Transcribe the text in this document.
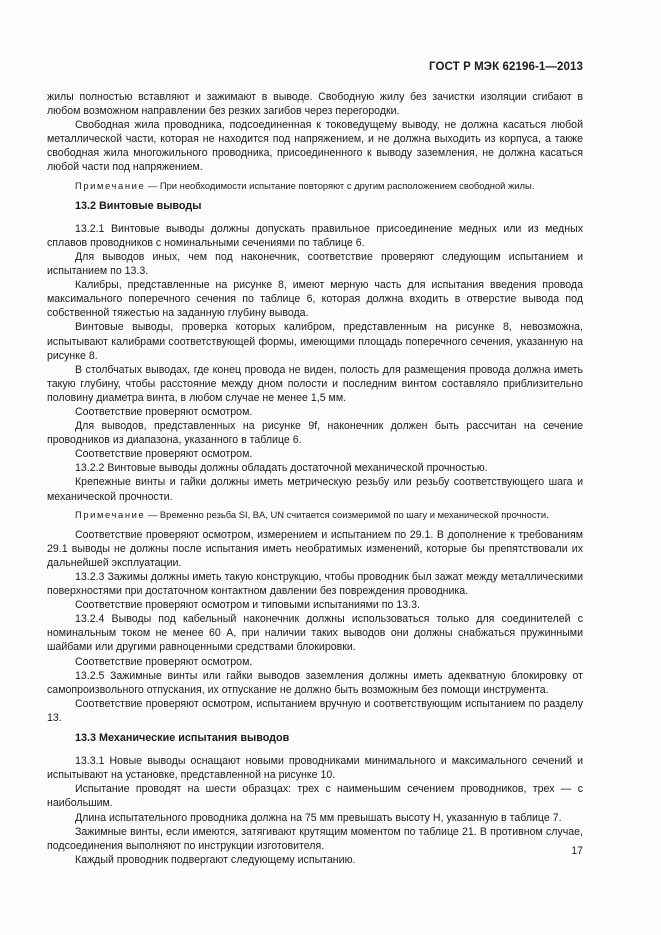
ГОСТ Р МЭК 62196-1—2013

жилы полностью вставляют и зажимают в выводе. Свободную жилу без зачистки изоляции сгибают в любом возможном направлении без резких загибов через перегородки.

Свободная жила проводника, подсоединенная к токоведущему выводу, не должна касаться любой металлической части, которая не находится под напряжением, и не должна выходить из корпуса, а также свободная жила многожильного проводника, присоединенного к выводу заземления, не должна касаться любой части под напряжением.

Примечание — При необходимости испытание повторяют с другим расположением свободной жилы.

13.2 Винтовые выводы

13.2.1 Винтовые выводы должны допускать правильное присоединение медных или из медных сплавов проводников с номинальными сечениями по таблице 6.

Для выводов иных, чем под наконечник, соответствие проверяют следующим испытанием и испытанием по 13.3.

Калибры, представленные на рисунке 8, имеют мерную часть для испытания введения провода максимального поперечного сечения по таблице 6, которая должна входить в отверстие вывода под собственной тяжестью на заданную глубину вывода.

Винтовые выводы, проверка которых калибром, представленным на рисунке 8, невозможна, испытывают калибрами соответствующей формы, имеющими площадь поперечного сечения, указанную на рисунке 8.

В столбчатых выводах, где конец провода не виден, полость для размещения провода должна иметь такую глубину, чтобы расстояние между дном полости и последним винтом составляло приблизительно половину диаметра винта, в любом случае не менее 1,5 мм.

Соответствие проверяют осмотром.

Для выводов, представленных на рисунке 9f, наконечник должен быть рассчитан на сечение проводников из диапазона, указанного в таблице 6.

Соответствие проверяют осмотром.

13.2.2 Винтовые выводы должны обладать достаточной механической прочностью.

Крепежные винты и гайки должны иметь метрическую резьбу или резьбу соответствующего шага и механической прочности.

Примечание — Временно резьба SI, BA, UN считается соизмеримой по шагу и механической прочности.

Соответствие проверяют осмотром, измерением и испытанием по 29.1. В дополнение к требованиям 29.1 выводы не должны после испытания иметь необратимых изменений, которые бы препятствовали их дальнейшей эксплуатации.

13.2.3 Зажимы должны иметь такую конструкцию, чтобы проводник был зажат между металлическими поверхностями при достаточном контактном давлении без повреждения проводника.

Соответствие проверяют осмотром и типовыми испытаниями по 13.3.

13.2.4 Выводы под кабельный наконечник должны использоваться только для соединителей с номинальным током не менее 60 А, при наличии таких выводов они должны снабжаться пружинными шайбами или другими равноценными средствами блокировки.

Соответствие проверяют осмотром.

13.2.5 Зажимные винты или гайки выводов заземления должны иметь адекватную блокировку от самопроизвольного отпускания, их отпускание не должно быть возможным без помощи инструмента.

Соответствие проверяют осмотром, испытанием вручную и соответствующим испытанием по разделу 13.

13.3 Механические испытания выводов

13.3.1 Новые выводы оснащают новыми проводниками минимального и максимального сечений и испытывают на установке, представленной на рисунке 10.

Испытание проводят на шести образцах: трех с наименьшим сечением проводников, трех — с наибольшим.

Длина испытательного проводника должна на 75 мм превышать высоту H, указанную в таблице 7.

Зажимные винты, если имеются, затягивают крутящим моментом по таблице 21. В противном случае, подсоединения выполняют по инструкции изготовителя.

Каждый проводник подвергают следующему испытанию.

17
